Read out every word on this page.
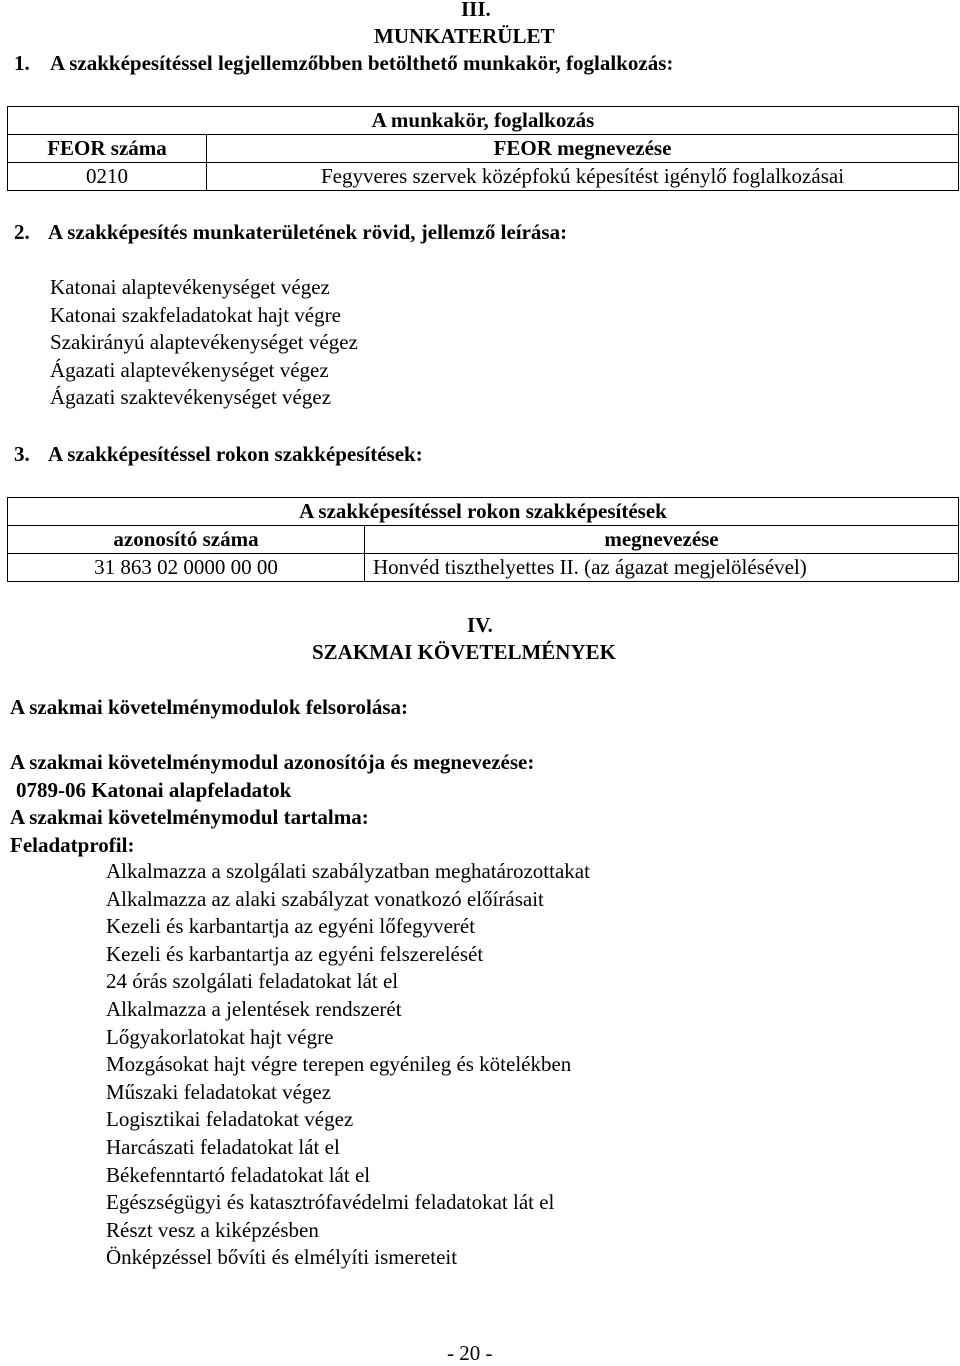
III.
MUNKATERÜLET
1. A szakképesítéssel legjellemzőbben betölthető munkakör, foglalkozás:
A munkakör, foglalkozás	
FEOR száma	FEOR megnevezése
0210	Fegyveres szervek középfokú képesítést igénylő foglalkozásai
2. A szakképesítés munkaterületének rövid, jellemző leírása:
Katonai alaptevékenységet végez
Katonai szakfeladatokat hajt végre
Szakirányú alaptevékenységet végez
Ágazati alaptevékenységet végez
Ágazati szaktevékenységet végez
3. A szakképesítéssel rokon szakképesítések:
A szakképesítéssel rokon szakképesítések	
azonosító száma	megnevezése
31 863 02 0000 00 00	Honvéd tiszthelyettes II. (az ágazat megjelölésével)
IV.
SZAKMAI KÖVETELMÉNYEK
A szakmai követelménymodulok felsorolása:
A szakmai követelménymodul azonosítója és megnevezése:
0789-06 Katonai alapfeladatok
A szakmai követelménymodul tartalma:
Feladatprofil:
Alkalmazza a szolgálati szabályzatban meghatározottakat
Alkalmazza az alaki szabályzat vonatkozó előírásait
Kezeli és karbantartja az egyéni lőfegyverét
Kezeli és karbantartja az egyéni felszerelését
24 órás szolgálati feladatokat lát el
Alkalmazza a jelentések rendszerét
Lőgyakorlatokat hajt végre
Mozgásokat hajt végre terepen egyénileg és kötelékben
Műszaki feladatokat végez
Logisztikai feladatokat végez
Harcászati feladatokat lát el
Békefenntartó feladatokat lát el
Egészségügyi és katasztrófavédelmi feladatokat lát el
Részt vesz a kiképzésben
Önképzéssel bővíti és elmélyíti ismereteit
- 20 -
